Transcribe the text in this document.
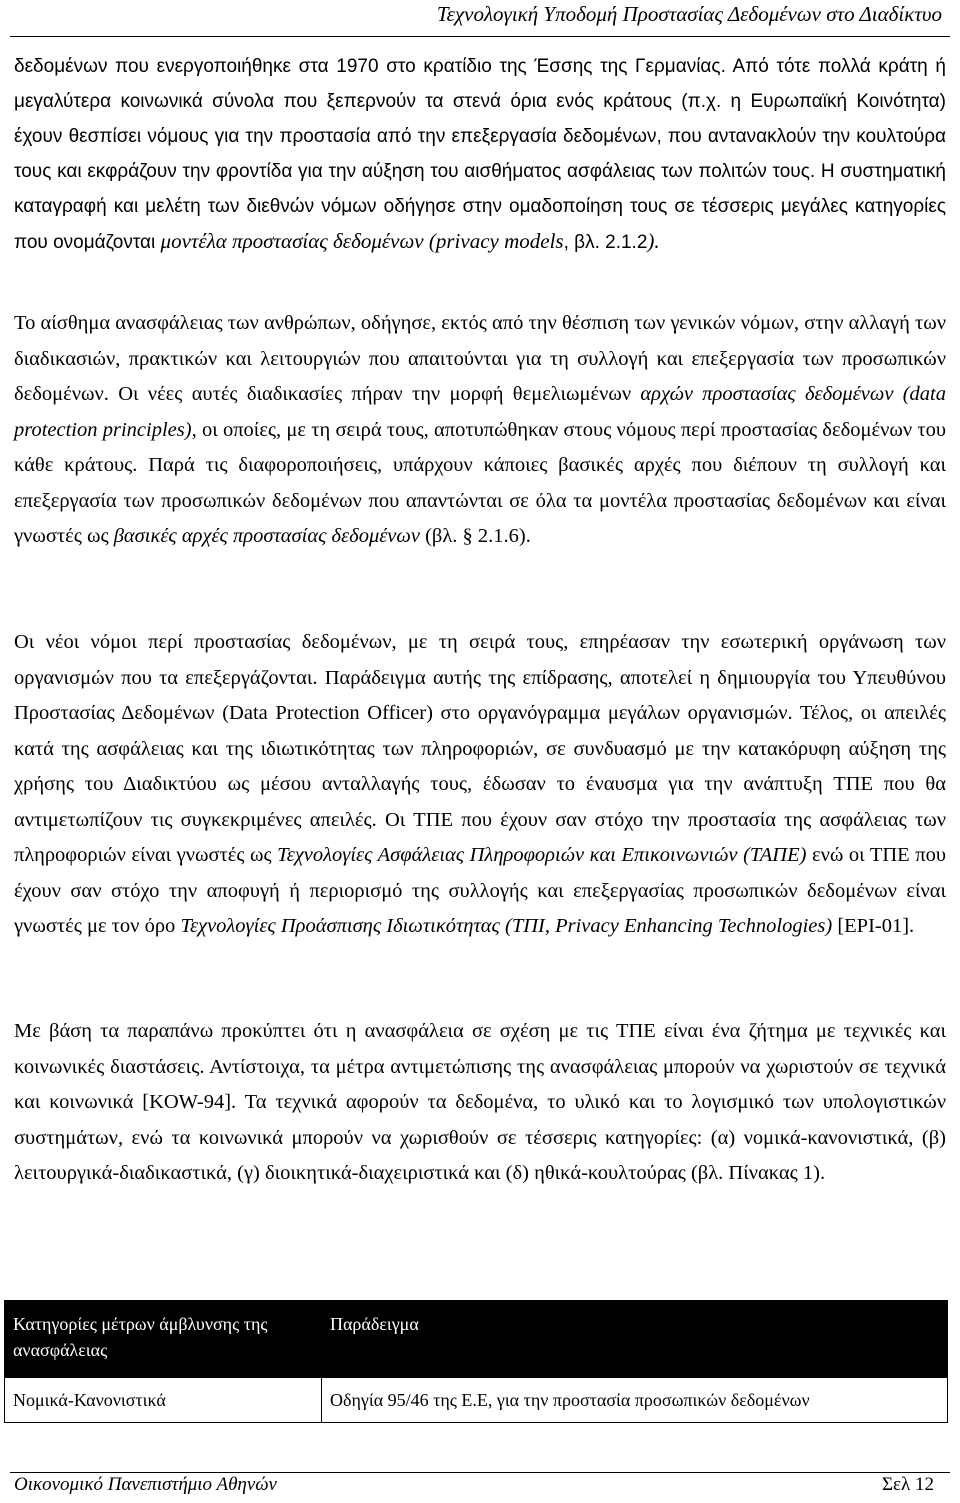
Τεχνολογική Υποδομή Προστασίας Δεδομένων στο Διαδίκτυο

δεδομένων που ενεργοποιήθηκε στα 1970 στο κρατίδιο της Έσσης της Γερμανίας. Από τότε πολλά κράτη ή μεγαλύτερα κοινωνικά σύνολα που ξεπερνούν τα στενά όρια ενός κράτους (π.χ. η Ευρωπαϊκή Κοινότητα) έχουν θεσπίσει νόμους για την προστασία από την επεξεργασία δεδομένων, που αντανακλούν την κουλτούρα τους και εκφράζουν την φροντίδα για την αύξηση του αισθήματος ασφάλειας των πολιτών τους. Η συστηματική καταγραφή και μελέτη των διεθνών νόμων οδήγησε στην ομαδοποίηση τους σε τέσσερις μεγάλες κατηγορίες που ονομάζονται μοντέλα προστασίας δεδομένων (privacy models, βλ. 2.1.2).

Το αίσθημα ανασφάλειας των ανθρώπων, οδήγησε, εκτός από την θέσπιση των γενικών νόμων, στην αλλαγή των διαδικασιών, πρακτικών και λειτουργιών που απαιτούνται για τη συλλογή και επεξεργασία των προσωπικών δεδομένων. Οι νέες αυτές διαδικασίες πήραν την μορφή θεμελιωμένων αρχών προστασίας δεδομένων (data protection principles), οι οποίες, με τη σειρά τους, αποτυπώθηκαν στους νόμους περί προστασίας δεδομένων του κάθε κράτους. Παρά τις διαφοροποιήσεις, υπάρχουν κάποιες βασικές αρχές που διέπουν τη συλλογή και επεξεργασία των προσωπικών δεδομένων που απαντώνται σε όλα τα μοντέλα προστασίας δεδομένων και είναι γνωστές ως βασικές αρχές προστασίας δεδομένων (βλ. § 2.1.6).

Οι νέοι νόμοι περί προστασίας δεδομένων, με τη σειρά τους, επηρέασαν την εσωτερική οργάνωση των οργανισμών που τα επεξεργάζονται. Παράδειγμα αυτής της επίδρασης, αποτελεί η δημιουργία του Υπευθύνου Προστασίας Δεδομένων (Data Protection Officer) στο οργανόγραμμα μεγάλων οργανισμών. Τέλος, οι απειλές κατά της ασφάλειας και της ιδιωτικότητας των πληροφοριών, σε συνδυασμό με την κατακόρυφη αύξηση της χρήσης του Διαδικτύου ως μέσου ανταλλαγής τους, έδωσαν το έναυσμα για την ανάπτυξη ΤΠΕ που θα αντιμετωπίζουν τις συγκεκριμένες απειλές. Οι ΤΠΕ που έχουν σαν στόχο την προστασία της ασφάλειας των πληροφοριών είναι γνωστές ως Τεχνολογίες Ασφάλειας Πληροφοριών και Επικοινωνιών (ΤΑΠΕ) ενώ οι ΤΠΕ που έχουν σαν στόχο την αποφυγή ή περιορισμό της συλλογής και επεξεργασίας προσωπικών δεδομένων είναι γνωστές με τον όρο Τεχνολογίες Προάσπισης Ιδιωτικότητας (ΤΠΙ, Privacy Enhancing Technologies) [EPI-01].

Με βάση τα παραπάνω προκύπτει ότι η ανασφάλεια σε σχέση με τις ΤΠΕ είναι ένα ζήτημα με τεχνικές και κοινωνικές διαστάσεις. Αντίστοιχα, τα μέτρα αντιμετώπισης της ανασφάλειας μπορούν να χωριστούν σε τεχνικά και κοινωνικά [KOW-94]. Τα τεχνικά αφορούν τα δεδομένα, το υλικό και το λογισμικό των υπολογιστικών συστημάτων, ενώ τα κοινωνικά μπορούν να χωρισθούν σε τέσσερις κατηγορίες: (α) νομικά-κανονιστικά, (β) λειτουργικά-διαδικαστικά, (γ) διοικητικά-διαχειριστικά και (δ) ηθικά-κουλτούρας (βλ. Πίνακας 1).

Κατηγορίες μέτρων άμβλυνσης της ανασφάλειας	Παράδειγμα
Νομικά-Κανονιστικά	Οδηγία 95/46 της Ε.Ε, για την προστασία προσωπικών δεδομένων
Οικονομικό Πανεπιστήμιο Αθηνών	Σελ 12
